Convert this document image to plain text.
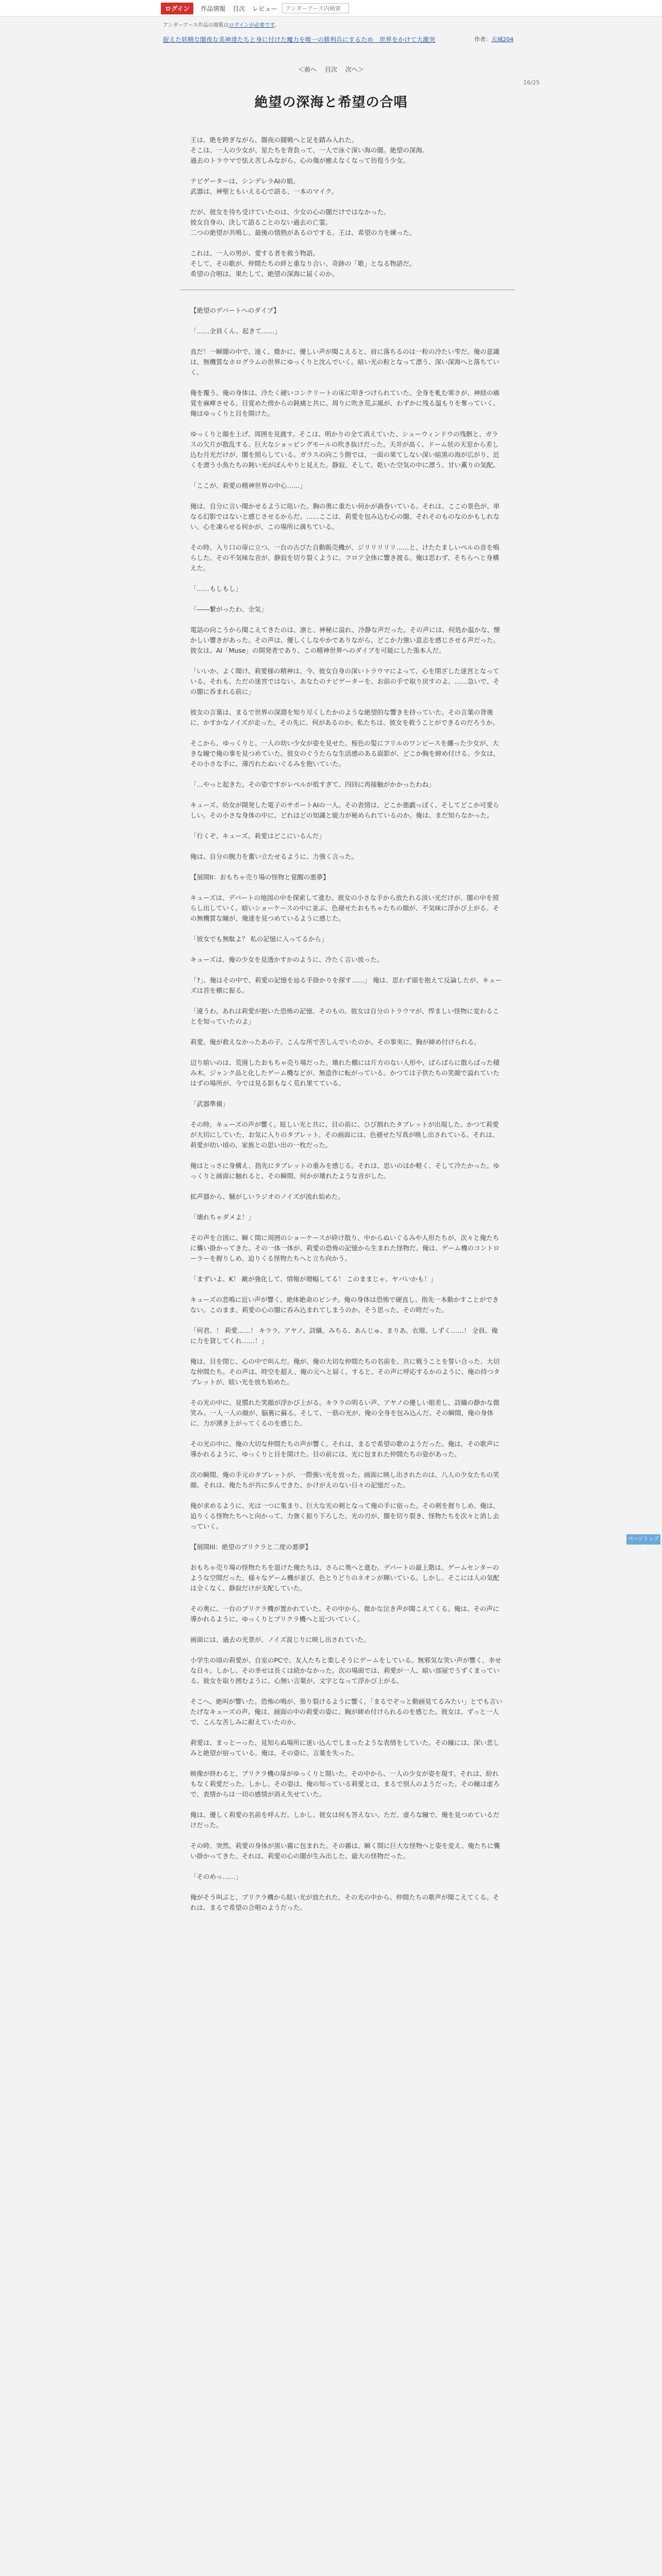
ログイン	作品情報 目次 レビュー
アンダーアース内検索
アンダーアース作品の閲覧はログインが必要です。
捉えた妖精な闇夜な美神達たちと身に付けた魔力を唯一の勝利兵にするため　世界をかけて大激突	作者：天城204
＜前へ 目次 次へ＞
16/25
絶望の深海と希望の合唱

王は、絶を跨ぎながら、闇夜の闘戦へと足を踏み入れた。
そこは、一人の少女が、星たちを背負って、一人で泳ぐ深い海の闇。絶望の深海。
過去のトラウマで怯え苦しみながら、心の傷が癒えなくなって彷徨う少女。

テビゲーターは、シンデレラAIの娘。
武器は、神聖ともいえる心で語る、一本のマイク。

だが、彼女を待ち受けていたのは、少女の心の闇だけではなかった。
彼女自身の、決して語ることのない過去の亡霊。
二つの絶望が共鳴し、最後の情熱があるのでする。王は、希望の力を練った。

これは、一人の男が、愛する者を救う物語。
そして、その歌が、仲間たちの絆と重なり合い、奇跡の「歌」となる物語だ。
希望の合唱は、果たして、絶望の深海に届くのか。

【絶望のデパートへのダイブ】

「……全員くん、起きて……」

直だ！一瞬闇の中で、遠く、微かに、優しい声が聞こえると、肩に落ちるのは一粒の冷たい雫だ。俺の意識は、無機質なホログラムの世界にゆっくりと沈んでいく。暗い光の粒となって漂う、深い深海へと落ちていく。

俺を覆う、俺の身体は、冷たく硬いコンクリートの床に叩きつけられていた。全身を軋む寒さが、神経の痛覚を麻痺させる。目覚めた傍からの鈍痛と共に、周りに吹き荒ぶ風が、わずかに残る温もりを奪っていく。俺はゆっくりと目を開けた。

ゆっくりと顔を上げ、周囲を見渡す。そこは、明かりの全て消えていた、シューウィンドウの残骸と、ガラスの欠片が散乱する、巨大なショッピングモールの吹き抜けだった。天井が高く、ドーム状の天窓から差し込む月光だけが、闇を照らしている。ガラスの向こう側では、一面の果てしない深い暗黒の海が広がり、近くを漂う小魚たちの鈍い光がぼんやりと見えた。静寂、そして、乾いた空気の中に漂う、甘い薫りの気配。

「ここが、莉愛の精神世界の中心……」

俺は、自分に言い聞かせるように呟いた。胸の奥に重たい何かが渦巻いている。それは、ここの景色が、単なる幻影ではないと感じさせるからだ。……ここは、莉愛を包み込む心の闇、それそのものなのかもしれない。心を凍らせる何かが、この場所に満ちている。

その時、入り口の扉に立つ、一台の古びた自動販売機が、ジリリリリリ……と、けたたましいベルの音を鳴らした。その不気味な音が、静寂を切り裂くように、フロア全体に響き渡る。俺は思わず、そちらへと身構えた。

「……もしもし」

「――繋がったわ、全気」

電話の向こうから聞こえてきたのは、凛と、神秘に溢れ、冷静な声だった。その声には、何処か温かな、懐かしい響きがあった。その声は、優しくしなやかでありながら、どこか力強い意志を感じさせる声だった。彼女は、AI「Muse」の開発者であり、この精神世界へのダイブを可能にした張本人だ。

「いいか、よく聞け。莉愛様の精神は、今、彼女自身の深いトラウマによって、心を閉ざした迷宮となっている。それも、ただの迷宮ではない。あなたのナビゲーターを、お前の手で取り戻すのよ。……急いで、その闇に呑まれる前に」

彼女の言葉は、まるで世界の深淵を知り尽くしたかのような絶望的な響きを持っていた。その言葉の背後に、かすかなノイズが走った。その先に、何があるのか。私たちは、彼女を救うことができるのだろうか。

そこから、ゆっくりと、一人の幼い少女が姿を見せた。桜色の髪にフリルのワンピースを纏った少女が、大きな瞳で俺の事を見つめていた。彼女のぐうたらな生活感のある面影が、どこか胸を締め付ける。少女は、その小さな手に、薄汚れたぬいぐるみを抱いていた。

「…やっと起きた。その姿ですがレベルが低すぎて、四回に再接触がかかったわね」

キューズ。幼女が開発した電子のサポートAIの一人。その表情は、どこか悪戯っぽく、そしてどこか可愛らしい。その小さな身体の中に、どれほどの知識と能力が秘められているのか。俺は、まだ知らなかった。

「行くぞ、キューズ。莉愛はどこにいるんだ」

俺は、自分の腕力を奮い立たせるように、力強く言った。

【展開II：おもちゃ売り場の怪物と覚醒の悪夢】

キューズは、デパートの地図の中を探索して進む。彼女の小さな手から放たれる淡い光だけが、闇の中を照らし出していく。暗いショーケースの中に並ぶ、色褪せたおもちゃたちの顔が、不気味に浮かび上がる。その無機質な瞳が、俺達を見つめているように感じた。

「彼女でも無駄よ？ 私の記憶に入ってるから」

キューズは、俺の少女を見透かすかのように、冷たく言い放った。

「?」、俺はその中で、莉愛の記憶を辿る手掛かりを探す……」 俺は、思わず頭を抱えて反論したが、キューズは首を横に振る。

「違うわ。あれは莉愛が抱いた恐怖の記憶、そのもの。彼女は自分のトラウマが、悍ましい怪物に変わることを知っていたのよ」

莉愛。俺が救えなかったあの子。こんな所で苦しんでいたのか。その事実に、胸が締め付けられる。

辺り暗いのは、荒廃したおもちゃ売り場だった。壊れた棚には片方のない人形や、ばらばらに散らばった積み木、ジャンク品と化したゲーム機などが、無造作に転がっている。かつては子供たちの笑顔で溢れていたはずの場所が、今では見る影もなく荒れ果てている。

「武器準備」

その時、キューズの声が響く。眩しい光と共に、目の前に、ひび割れたタブレットが出現した。かつて莉愛が大切にしていた、お気に入りのタブレット。その画面には、色褪せた写真が映し出されている。それは、莉愛が幼い頃の、家族との思い出の一枚だった。

俺はとっさに身構え、指先にタブレットの重みを感じる。それは、思いのほか軽く、そして冷たかった。ゆっくりと画面に触れると、その瞬間、何かが壊れたような音がした。

拡声器から、騒がしいラジオのノイズが流れ始めた。

「壊れちゃダメよ！」

その声を合図に、瞬く間に周囲のショーケースが砕け散り、中からぬいぐるみや人形たちが、次々と俺たちに襲い掛かってきた。その一体一体が、莉愛の恐怖の記憶から生まれた怪物だ。俺は、ゲーム機のコントローラーを握りしめ、迫りくる怪物たちへと立ち向かう。

「まずいよ、K！ 敵が強化して、情報が増幅してる！ このままじゃ、ヤバいかも！」

キューズの悲鳴に近い声が響く。絶体絶命のピンチ。俺の身体は恐怖で硬直し、指先一本動かすことができない。このまま、莉愛の心の闇に呑み込まれてしまうのか。そう思った、その時だった。

「何君、！ 莉愛……！ キララ、アヤノ、詩織、みちる、あんじゅ、まりあ、衣瑠、しずく……！ 全員、俺に力を貸してくれ……！」

俺は、目を閉じ、心の中で叫んだ。俺が、俺の大切な仲間たちの名前を。共に戦うことを誓い合った、大切な仲間たち。その声は、時空を超え、俺の元へと届く。すると、その声に呼応するかのように、俺の持つタブレットが、眩い光を放ち始めた。

その光の中に、見慣れた笑顔が浮かび上がる。キララの明るい声、アヤノの優しい眼差し、詩織の静かな微笑み。一人一人の顔が、脳裏に蘇る。そして、一筋の光が、俺の全身を包み込んだ。その瞬間、俺の身体に、力が湧き上がってくるのを感じた。

その光の中に、俺の大切な仲間たちの声が響く。それは、まるで希望の歌のようだった。俺は、その歌声に導かれるように、ゆっくりと目を開けた。目の前には、光に包まれた仲間たちの姿があった。

次の瞬間、俺の手元のタブレットが、一際強い光を放った。画面に映し出されたのは、八人の少女たちの笑顔。それは、俺たちが共に歩んできた、かけがえのない日々の記憶だった。

俺が求めるように、光は一つに集まり、巨大な光の剣となって俺の手に宿った。その剣を握りしめ、俺は、迫りくる怪物たちへと向かって、力強く振り下ろした。光の刃が、闇を切り裂き、怪物たちを次々と消し去っていく。

【展開III：絶望のプリクラと二度の悪夢】

おもちゃ売り場の怪物たちを退けた俺たちは、さらに奥へと進む。デパートの最上階は、ゲームセンターのような空間だった。様々なゲーム機が並び、色とりどりのネオンが輝いている。しかし、そこには人の気配は全くなく、静寂だけが支配していた。

その奥に、一台のプリクラ機が置かれていた。その中から、微かな泣き声が聞こえてくる。俺は、その声に導かれるように、ゆっくりとプリクラ機へと近づいていく。

画面には、過去の光景が、ノイズ混じりに映し出されていた。

小学生の頃の莉愛が、自室のPCで、友人たちと楽しそうにゲームをしている。無邪気な笑い声が響く、幸せな日々。しかし、その幸せは長くは続かなかった。次の場面では、莉愛が一人、暗い部屋でうずくまっている。彼女を取り囲むように、心無い言葉が、文字となって浮かび上がる。

そこへ、絶叫が響いた。恐怖の鳴が、張り裂けるように響く。「まるでぞっと動画見てるみたい」とでも言いたげなキューズの声。俺は、画面の中の莉愛の姿に、胸が締め付けられるのを感じた。彼女は、ずっと一人で、こんな苦しみに耐えていたのか。

莉愛は、まっとーった、見知らぬ場所に迷い込んでしまったような表情をしていた。その瞳には、深い悲しみと絶望が宿っている。俺は、その姿に、言葉を失った。

映像が終わると、プリクラ機の扉がゆっくりと開いた。その中から、一人の少女が姿を現す。それは、紛れもなく莉愛だった。しかし、その姿は、俺の知っている莉愛とは、まるで別人のようだった。その瞳は虚ろで、表情からは一切の感情が消え失せていた。

俺は、優しく莉愛の名前を呼んだ。しかし、彼女は何も答えない。ただ、虚ろな瞳で、俺を見つめているだけだった。

その時、突然、莉愛の身体が黒い霧に包まれた。その霧は、瞬く間に巨大な怪物へと姿を変え、俺たちに襲い掛かってきた。それは、莉愛の心の闇が生み出した、最大の怪物だった。

「そのめっ……」

俺がそう叫ぶと、プリクラ機から眩い光が放たれた。その光の中から、仲間たちの歌声が聞こえてくる。それは、まるで希望の合唱のようだった。

ページトップへ
